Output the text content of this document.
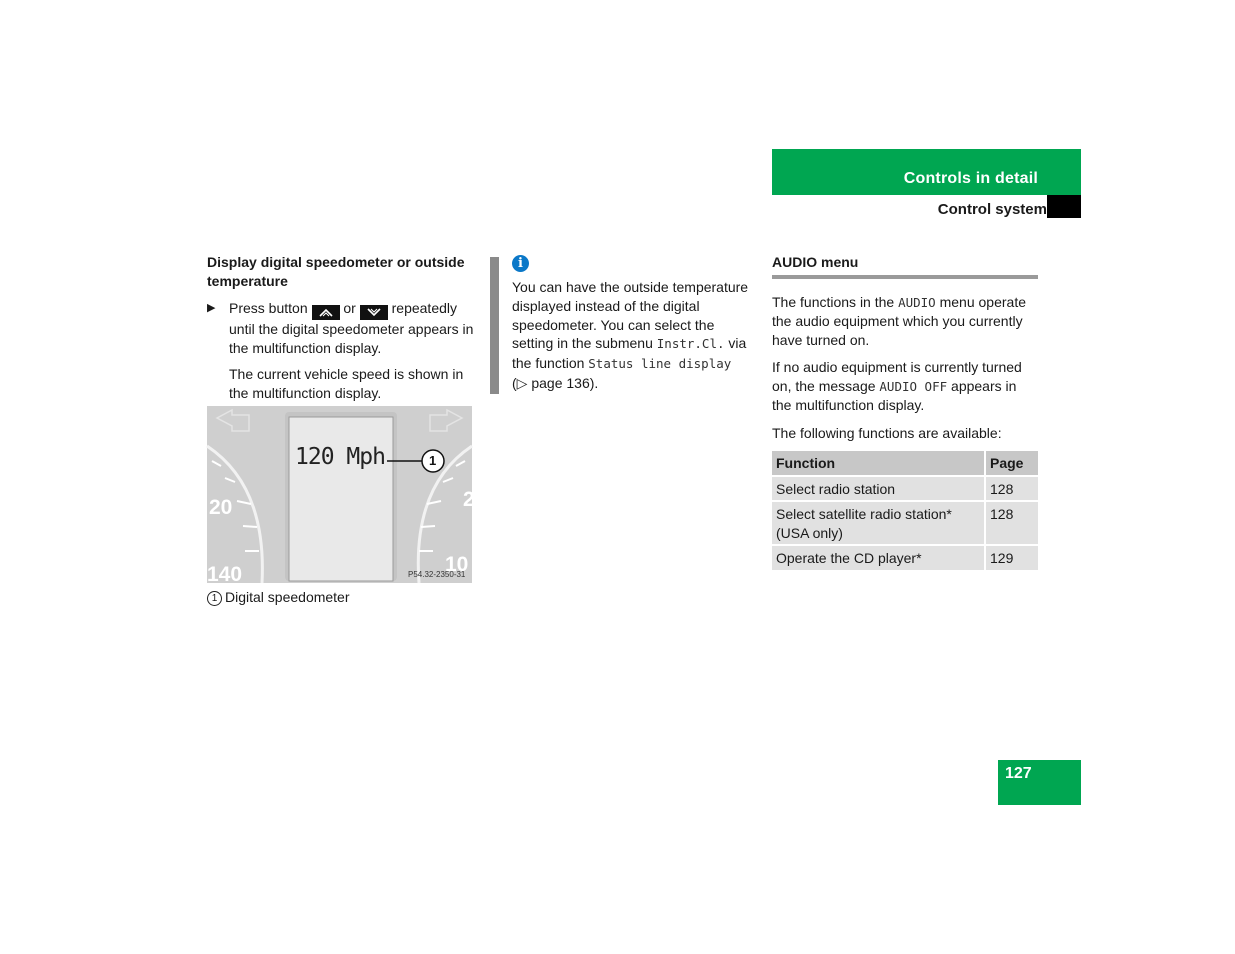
Controls in detail
Control system
Display digital speedometer or outside temperature
▶ Press button	or	repeatedly until the digital speedometer appears in the multifunction display.
The current vehicle speed is shown in the multifunction display.
120 Mph	1
20
140
2
10
P54.32-2350-31
1 Digital speedometer
i
You can have the outside temperature displayed instead of the digital speedometer. You can select the setting in the submenu Instr.Cl. via the function Status line display
(▷ page 136).
AUDIO menu

The functions in the AUDIO menu operate the audio equipment which you currently have turned on.

If no audio equipment is currently turned on, the message AUDIO OFF appears in the multifunction display.

The following functions are available:

Function	Page
Select radio station	128
Select satellite radio station* (USA only)	128
Operate the CD player*	129
127
